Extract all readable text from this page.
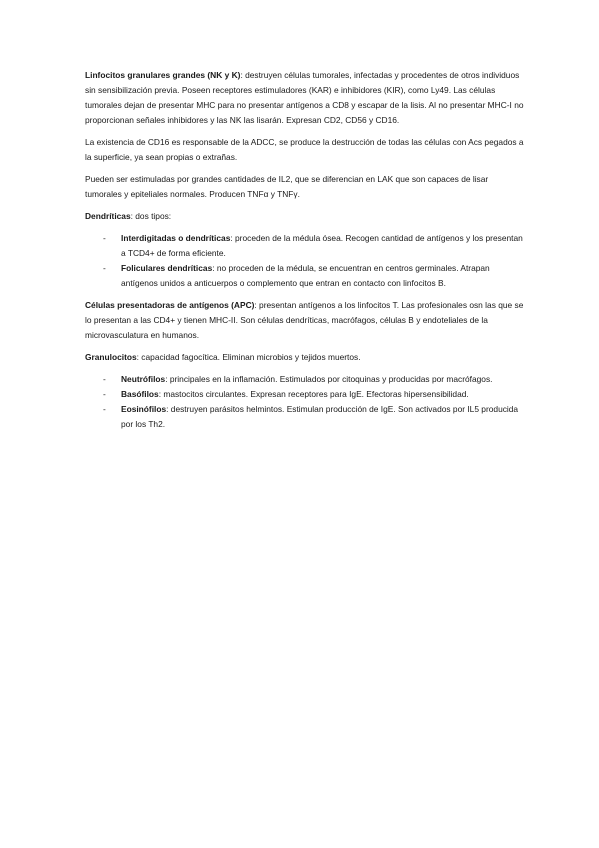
Linfocitos granulares grandes (NK y K): destruyen células tumorales, infectadas y procedentes de otros individuos sin sensibilización previa. Poseen receptores estimuladores (KAR) e inhibidores (KIR), como Ly49. Las células tumorales dejan de presentar MHC para no presentar antígenos a CD8 y escapar de la lisis. Al no presentar MHC-I no proporcionan señales inhibidores y las NK las lisarán. Expresan CD2, CD56 y CD16.

La existencia de CD16 es responsable de la ADCC, se produce la destrucción de todas las células con Acs pegados a la superficie, ya sean propias o extrañas.

Pueden ser estimuladas por grandes cantidades de IL2, que se diferencian en LAK que son capaces de lisar tumorales y epiteliales normales. Producen TNFα y TNFγ.

Dendríticas: dos tipos:

- Interdigitadas o dendríticas: proceden de la médula ósea. Recogen cantidad de antígenos y los presentan a TCD4+ de forma eficiente.
- Foliculares dendríticas: no proceden de la médula, se encuentran en centros germinales. Atrapan antígenos unidos a anticuerpos o complemento que entran en contacto con linfocitos B.

Células presentadoras de antígenos (APC): presentan antígenos a los linfocitos T. Las profesionales osn las que se lo presentan a las CD4+ y tienen MHC-II. Son células dendríticas, macrófagos, células B y endoteliales de la microvasculatura en humanos.

Granulocitos: capacidad fagocítica. Eliminan microbios y tejidos muertos.

- Neutrófilos: principales en la inflamación. Estimulados por citoquinas y producidas por macrófagos.
- Basófilos: mastocitos circulantes. Expresan receptores para IgE. Efectoras hipersensibilidad.
- Eosinófilos: destruyen parásitos helmintos. Estimulan producción de IgE. Son activados por IL5 producida por los Th2.
